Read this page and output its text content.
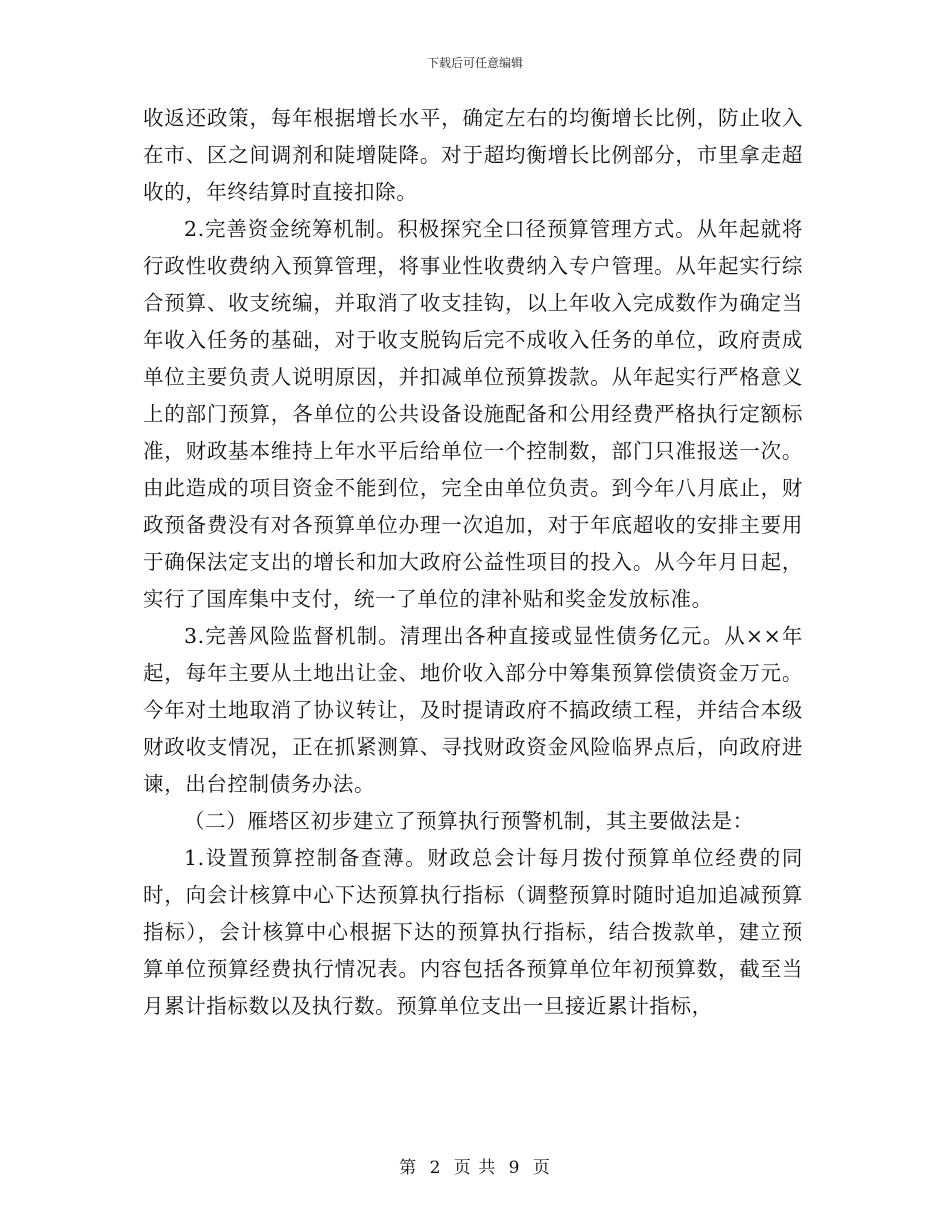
下载后可任意编辑

收返还政策，每年根据增长水平，确定左右的均衡增长比例，防止收入在市、区之间调剂和陡增陡降。对于超均衡增长比例部分，市里拿走超收的，年终结算时直接扣除。

2.完善资金统筹机制。积极探究全口径预算管理方式。从年起就将行政性收费纳入预算管理，将事业性收费纳入专户管理。从年起实行综合预算、收支统编，并取消了收支挂钩，以上年收入完成数作为确定当年收入任务的基础，对于收支脱钩后完不成收入任务的单位，政府责成单位主要负责人说明原因，并扣减单位预算拨款。从年起实行严格意义上的部门预算，各单位的公共设备设施配备和公用经费严格执行定额标准，财政基本维持上年水平后给单位一个控制数，部门只准报送一次。由此造成的项目资金不能到位，完全由单位负责。到今年八月底止，财政预备费没有对各预算单位办理一次追加，对于年底超收的安排主要用于确保法定支出的增长和加大政府公益性项目的投入。从今年月日起，实行了国库集中支付，统一了单位的津补贴和奖金发放标准。

3.完善风险监督机制。清理出各种直接或显性债务亿元。从××年起，每年主要从土地出让金、地价收入部分中筹集预算偿债资金万元。今年对土地取消了协议转让，及时提请政府不搞政绩工程，并结合本级财政收支情况，正在抓紧测算、寻找财政资金风险临界点后，向政府进谏，出台控制债务办法。

（二）雁塔区初步建立了预算执行预警机制，其主要做法是：

1.设置预算控制备查薄。财政总会计每月拨付预算单位经费的同时，向会计核算中心下达预算执行指标（调整预算时随时追加追减预算指标），会计核算中心根据下达的预算执行指标，结合拨款单，建立预算单位预算经费执行情况表。内容包括各预算单位年初预算数，截至当月累计指标数以及执行数。预算单位支出一旦接近累计指标，

第 2 页 共 9 页
